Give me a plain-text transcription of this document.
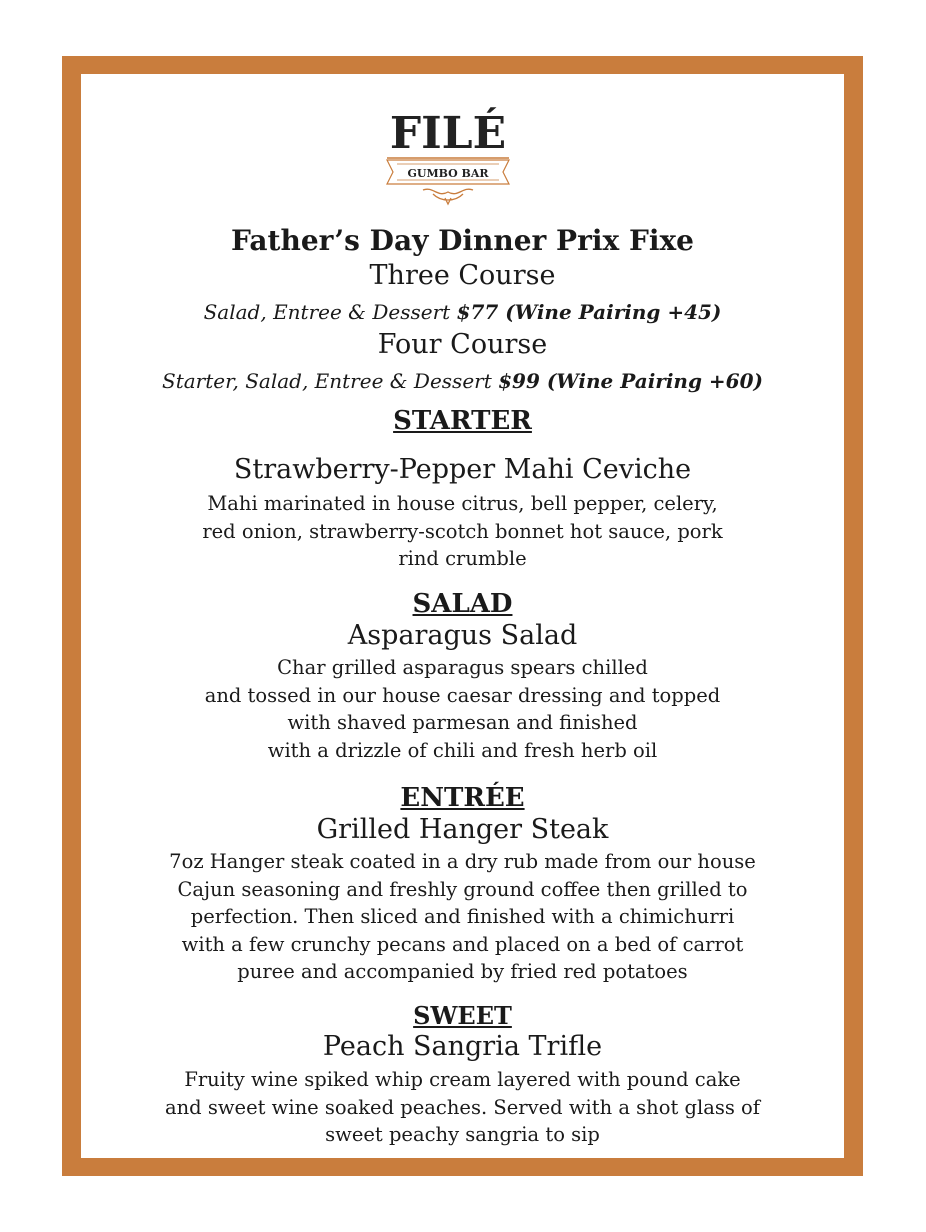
FILÉ
GUMBO BAR
Father’s Day Dinner Prix Fixe
Three Course
Salad, Entree & Dessert $77 (Wine Pairing +45)
Four Course
Starter, Salad, Entree & Dessert $99 (Wine Pairing +60)
STARTER
Strawberry-Pepper Mahi Ceviche
Mahi marinated in house citrus, bell pepper, celery,
red onion, strawberry-scotch bonnet hot sauce, pork
rind crumble
SALAD
Asparagus Salad
Char grilled asparagus spears chilled
and tossed in our house caesar dressing and topped
with shaved parmesan and finished
with a drizzle of chili and fresh herb oil
ENTRÉE
Grilled Hanger Steak
7oz Hanger steak coated in a dry rub made from our house
Cajun seasoning and freshly ground coffee then grilled to
perfection. Then sliced and finished with a chimichurri
with a few crunchy pecans and placed on a bed of carrot
puree and accompanied by fried red potatoes
SWEET
Peach Sangria Trifle
Fruity wine spiked whip cream layered with pound cake
and sweet wine soaked peaches. Served with a shot glass of
sweet peachy sangria to sip
